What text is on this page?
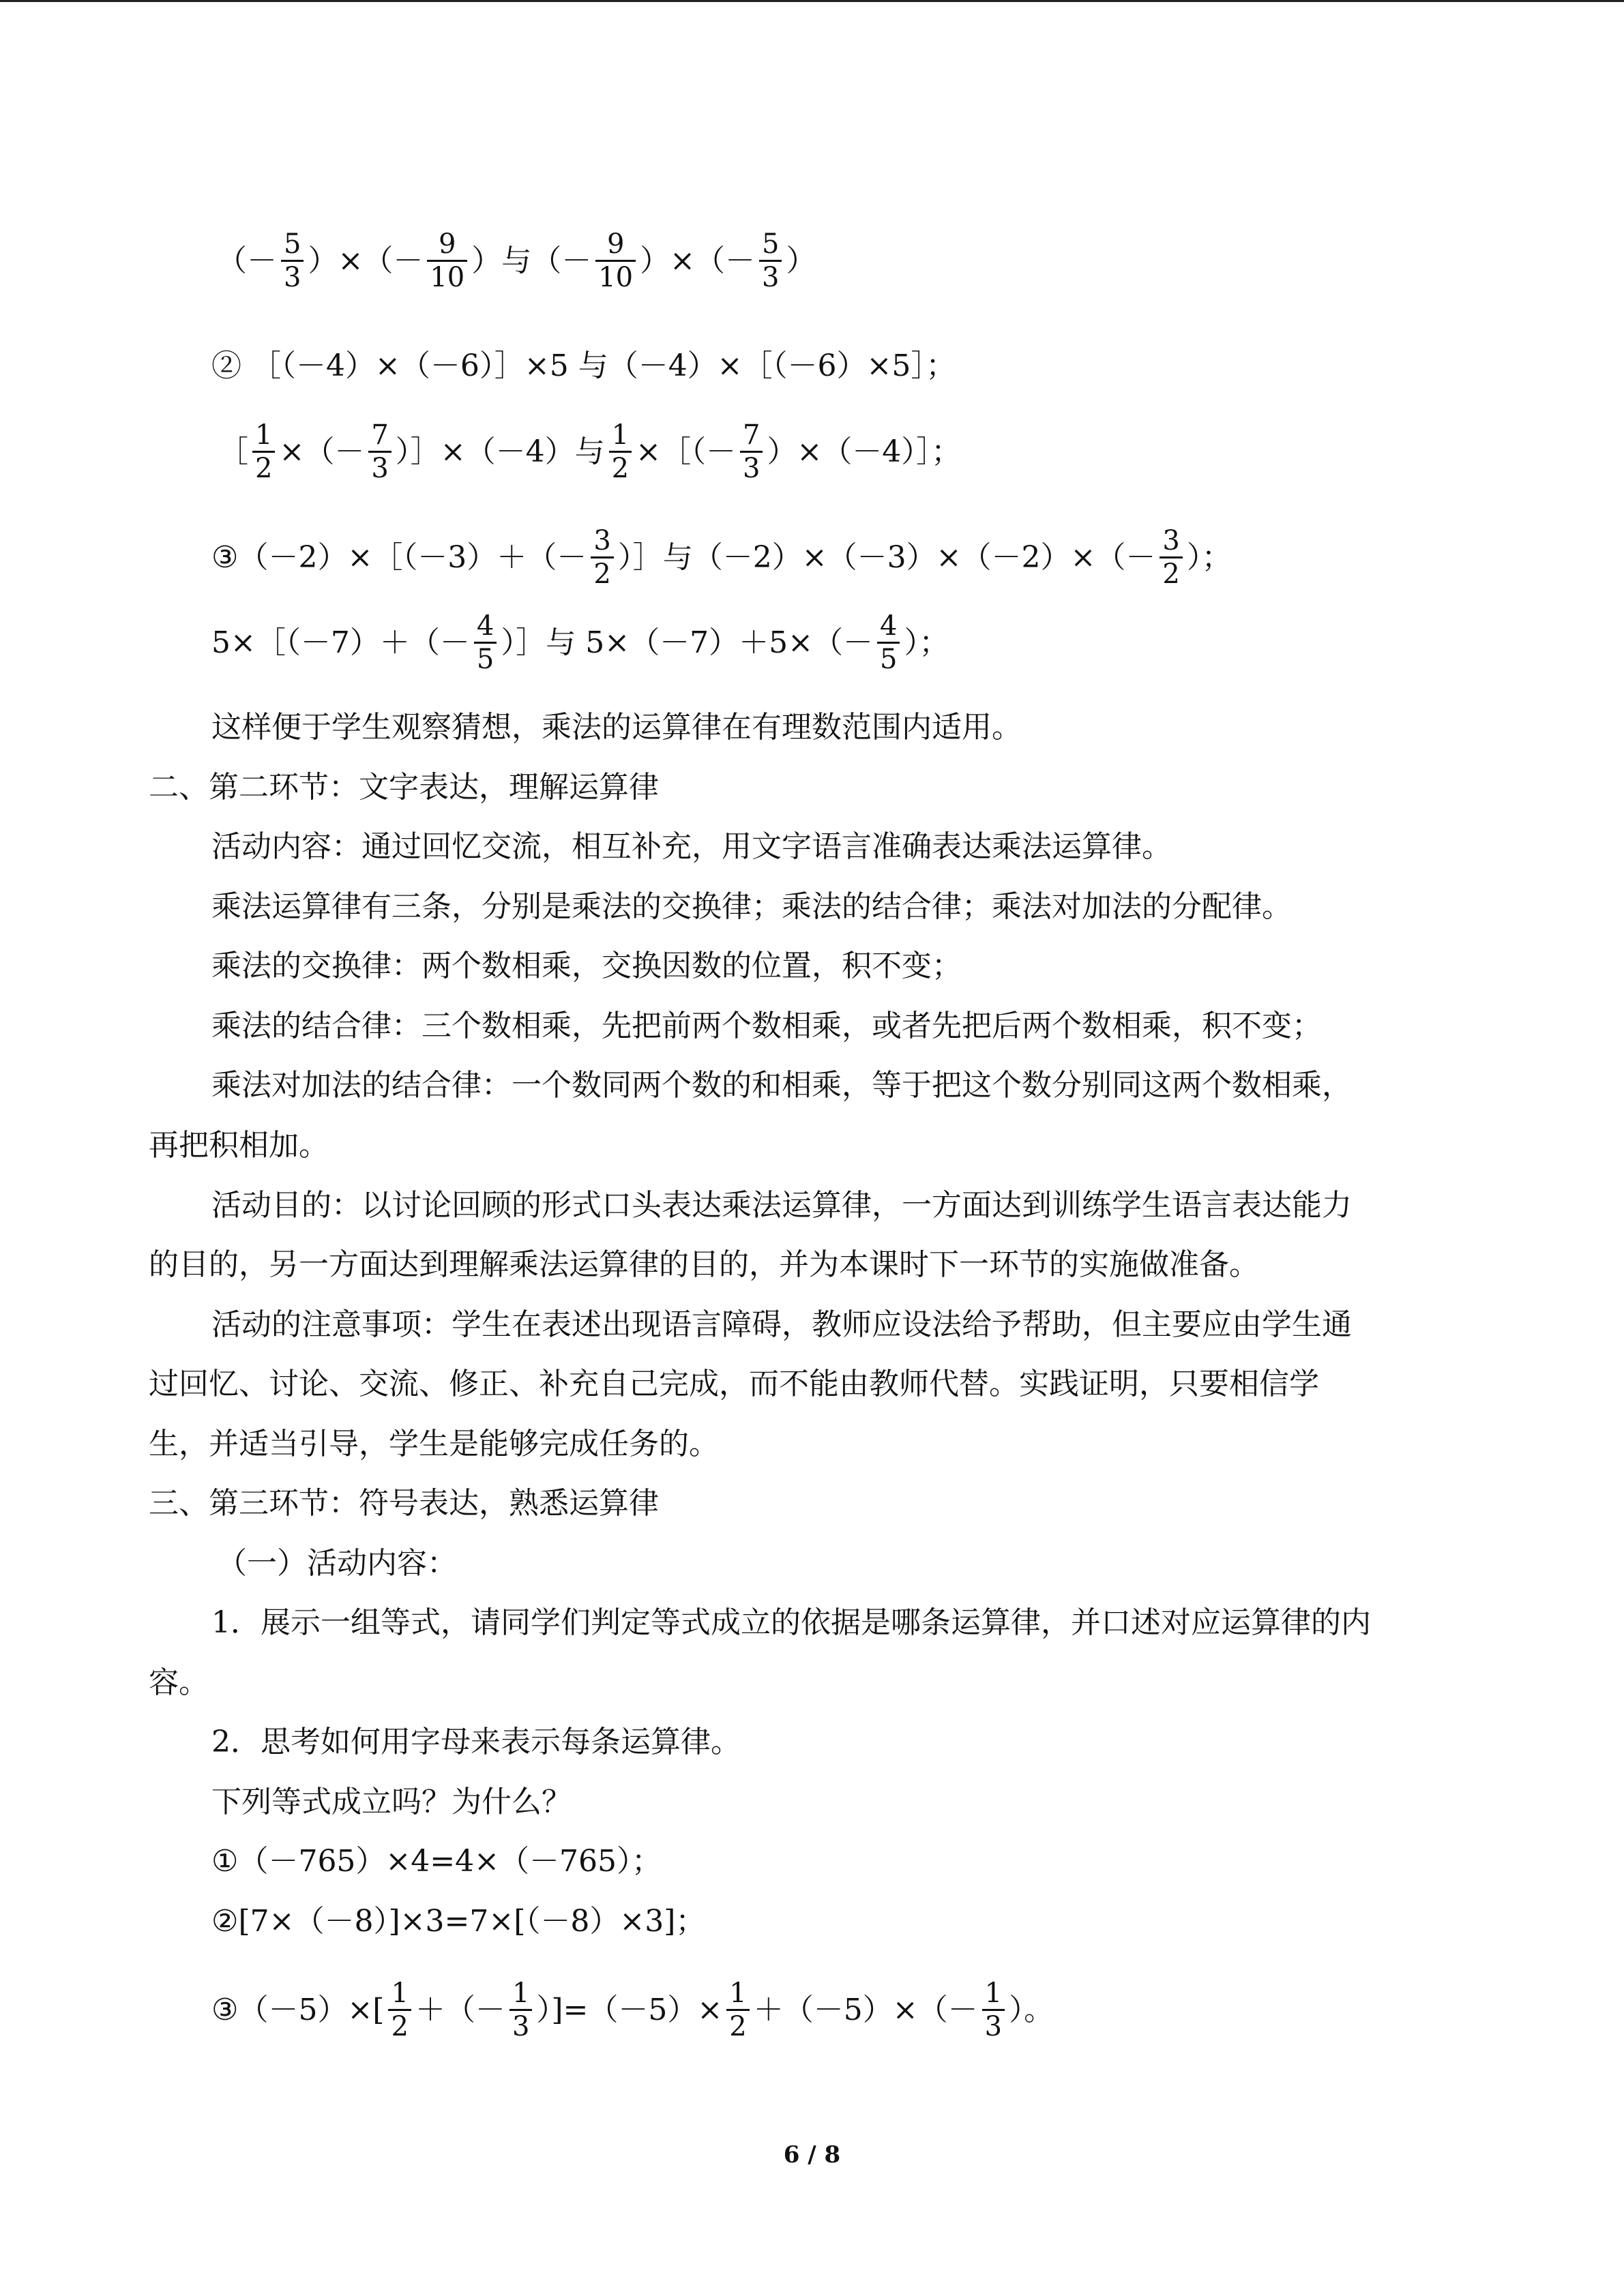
（－ $\frac{5}{3}$ ）×（－ $\frac{9}{10}$ ）与（－ $\frac{9}{10}$ ）×（－ $\frac{5}{3}$ ）
② ［（－4）×（－6）］×5 与（－4）×［（－6）×5］；
［ $\frac{1}{2}$ ×（－ $\frac{7}{3}$ ）］×（－4）与 $\frac{1}{2}$ ×［（－ $\frac{7}{3}$ ）×（－4）］；
③（－2）×［（－3）＋（－ $\frac{3}{2}$ ）］与$(-2)\times(-3)\times(-2)\times(- \frac{3}{2}$ ）；
5×［（－7）＋（－ $\frac{4}{5}$ ）］与 $5\times(-7)+5\times(- \frac{4}{5}$ ）；
这样便于学生观察猜想，乘法的运算律在有理数范围内适用。
二、第二环节：文字表达，理解运算律
活动内容：通过回忆交流，相互补充，用文字语言准确表达乘法运算律。
乘法运算律有三条，分别是乘法的交换律；乘法的结合律；乘法对加法的分配律。
乘法的交换律：两个数相乘，交换因数的位置，积不变；
乘法的结合律：三个数相乘，先把前两个数相乘，或者先把后两个数相乘，积不变；
乘法对加法的结合律：一个数同两个数的和相乘，等于把这个数分别同这两个数相乘，
再把积相加。
活动目的：以讨论回顾的形式口头表达乘法运算律，一方面达到训练学生语言表达能力
的目的，另一方面达到理解乘法运算律的目的，并为本课时下一环节的实施做准备。
活动的注意事项：学生在表述出现语言障碍，教师应设法给予帮助，但主要应由学生通
过回忆、讨论、交流、修正、补充自己完成，而不能由教师代替。实践证明，只要相信学
生，并适当引导，学生是能够完成任务的。
三、第三环节：符号表达，熟悉运算律
（一）活动内容：
1．展示一组等式，请同学们判定等式成立的依据是哪条运算律，并口述对应运算律的内
容。
2．思考如何用字母来表示每条运算律。
下列等式成立吗？为什么？
①（－765）×4=4×（－765）；
②[7×（－8）]×3=7×[（－8）×3]；
③（－5）×[ $\frac{1}{2}$ ＋（－ $\frac{1}{3} )]=(-5)\times \frac{1}{2} +(-5)\times(- \frac{1}{3}$ ）。
6 / 8
